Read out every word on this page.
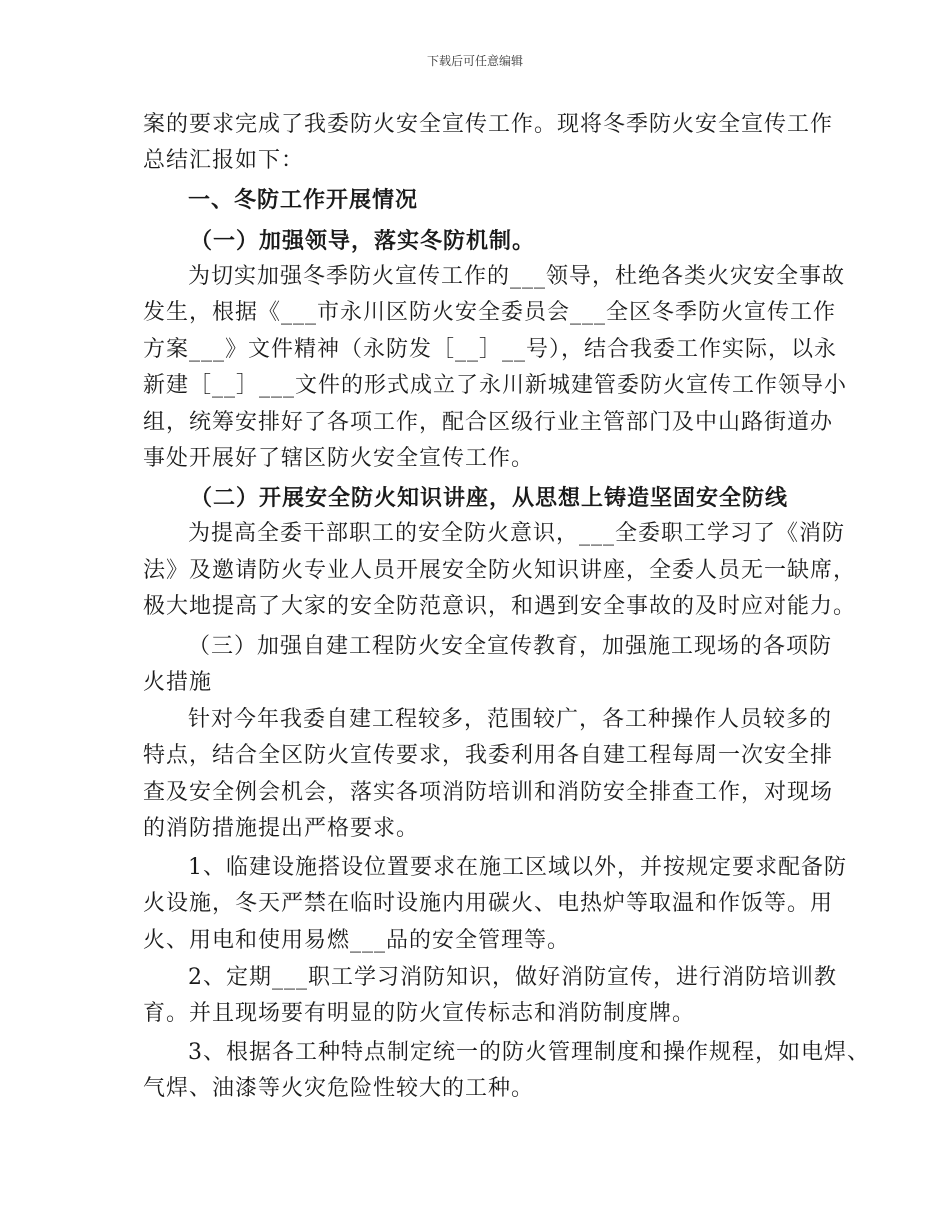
下载后可任意编辑
案的要求完成了我委防火安全宣传工作。现将冬季防火安全宣传工作
总结汇报如下：
一、冬防工作开展情况
（一）加强领导，落实冬防机制。
为切实加强冬季防火宣传工作的___领导，杜绝各类火灾安全事故
发生，根据《___市永川区防火安全委员会___全区冬季防火宣传工作
方案___》文件精神（永防发［__］__号），结合我委工作实际，以永
新建［__］___文件的形式成立了永川新城建管委防火宣传工作领导小
组，统筹安排好了各项工作，配合区级行业主管部门及中山路街道办
事处开展好了辖区防火安全宣传工作。
（二）开展安全防火知识讲座，从思想上铸造坚固安全防线
为提高全委干部职工的安全防火意识，___全委职工学习了《消防
法》及邀请防火专业人员开展安全防火知识讲座，全委人员无一缺席，
极大地提高了大家的安全防范意识，和遇到安全事故的及时应对能力。
（三）加强自建工程防火安全宣传教育，加强施工现场的各项防
火措施
针对今年我委自建工程较多，范围较广，各工种操作人员较多的
特点，结合全区防火宣传要求，我委利用各自建工程每周一次安全排
查及安全例会机会，落实各项消防培训和消防安全排查工作，对现场
的消防措施提出严格要求。
1、临建设施搭设位置要求在施工区域以外，并按规定要求配备防
火设施，冬天严禁在临时设施内用碳火、电热炉等取温和作饭等。用
火、用电和使用易燃___品的安全管理等。
2、定期___职工学习消防知识，做好消防宣传，进行消防培训教
育。并且现场要有明显的防火宣传标志和消防制度牌。
3、根据各工种特点制定统一的防火管理制度和操作规程，如电焊、
气焊、油漆等火灾危险性较大的工种。
